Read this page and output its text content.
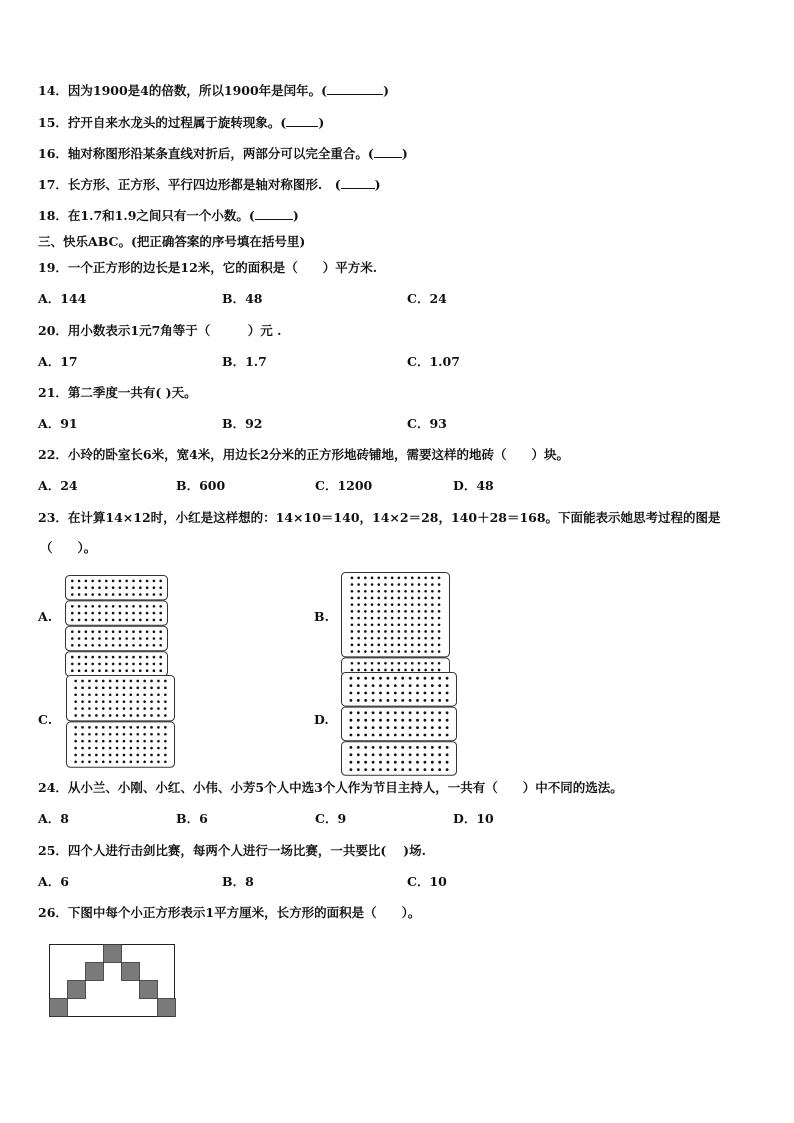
14．因为1900是4的倍数，所以1900年是闰年。(	)
15．拧开自来水龙头的过程属于旋转现象。(	)
16．轴对称图形沿某条直线对折后，两部分可以完全重合。( )
17．长方形、正方形、平行四边形都是轴对称图形.　(	)
18．在1.7和1.9之间只有一个小数。(	)
三、快乐ABC。(把正确答案的序号填在括号里)
19．一个正方形的边长是12米，它的面积是（　　）平方米.
A．144	B．48	C．24
20．用小数表示1元7角等于（　　　）元 .
A．17	B．1.7	C．1.07
21．第二季度一共有( )天。
A．91	B．92	C．93
22．小玲的卧室长6米，宽4米，用边长2分米的正方形地砖铺地，需要这样的地砖（　　）块。
A．24	B．600	C．1200	D．48
23．在计算14×12时，小红是这样想的：14×10＝140，14×2＝28，140＋28＝168。下面能表示她思考过程的图是
（　　）。
A.	B.
C.	D.
24．从小兰、小刚、小红、小伟、小芳5个人中选3个人作为节目主持人，一共有（　　）中不同的选法。
A．8	B．6	C．9	D．10
25．四个人进行击剑比赛，每两个人进行一场比赛，一共要比(　 )场.
A．6	B．8	C．10
26．下图中每个小正方形表示1平方厘米，长方形的面积是（　　）。
